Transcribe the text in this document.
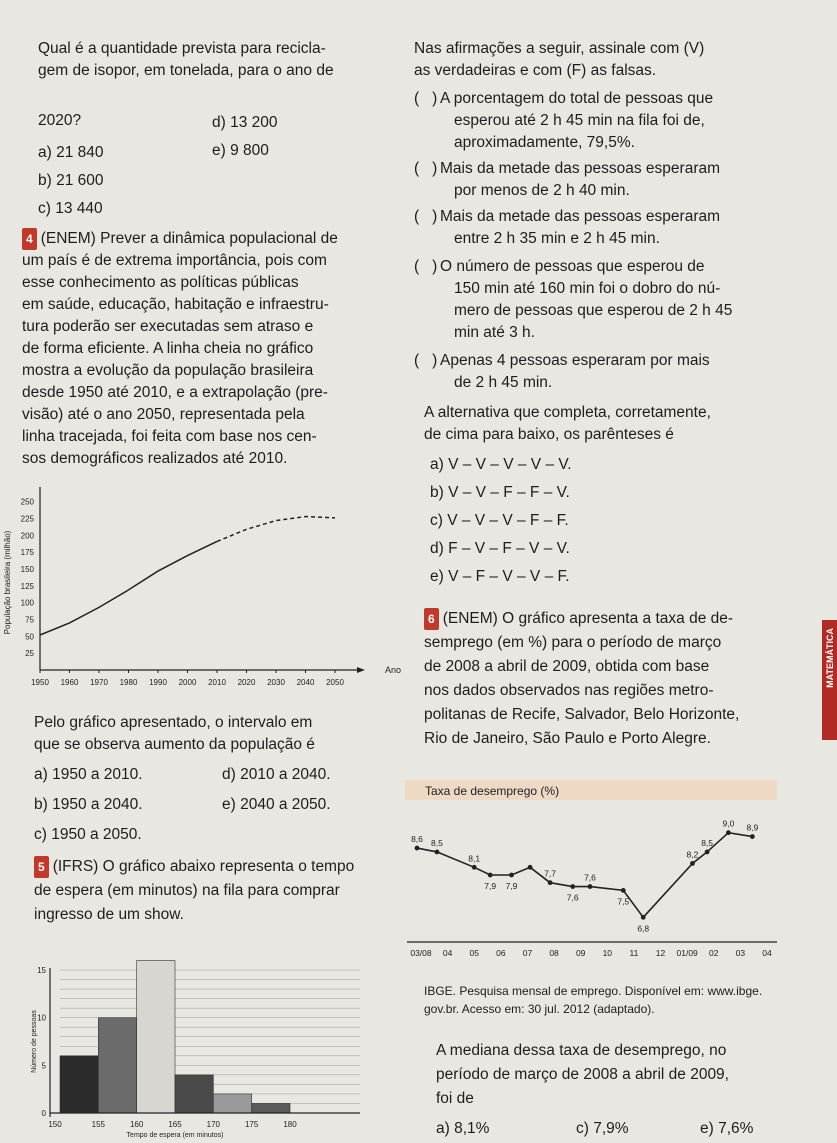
Qual é a quantidade prevista para recicla-
gem de isopor, em tonelada, para o ano de
2020?
a) 21 840
b) 21 600
c) 13 440
d) 13 200
e) 9 800
4 (ENEM) Prever a dinâmica populacional de
um país é de extrema importância, pois com
esse conhecimento as políticas públicas
em saúde, educação, habitação e infraestru-
tura poderão ser executadas sem atraso e
de forma eficiente. A linha cheia no gráfico
mostra a evolução da população brasileira
desde 1950 até 2010, e a extrapolação (pre-
visão) até o ano 2050, representada pela
linha tracejada, foi feita com base nos cen-
sos demográficos realizados até 2010.
25
50
75
100
125
150
175
200
225
250
1950 1960 1970 1980 1990 2000 2010 2020 2030 2040 2050
Ano
População brasileira (milhão)
Pelo gráfico apresentado, o intervalo em
que se observa aumento da população é
a) 1950 a 2010.	d) 2010 a 2040.
b) 1950 a 2040.	e) 2040 a 2050.
c) 1950 a 2050.
5 (IFRS) O gráfico abaixo representa o tempo
de espera (em minutos) na fila para comprar
ingresso de um show.
0
5
10
15
150	155	160	165	170	175	180
Tempo de espera (em minutos)
Número de pessoas
Nas afirmações a seguir, assinale com (V)
as verdadeiras e com (F) as falsas.
(   ) A porcentagem do total de pessoas que
esperou até 2 h 45 min na fila foi de,
aproximadamente, 79,5%.
(   ) Mais da metade das pessoas esperaram
por menos de 2 h 40 min.
(   ) Mais da metade das pessoas esperaram
entre 2 h 35 min e 2 h 45 min.
(   ) O número de pessoas que esperou de
150 min até 160 min foi o dobro do nú-
mero de pessoas que esperou de 2 h 45
min até 3 h.
(   ) Apenas 4 pessoas esperaram por mais
de 2 h 45 min.
A alternativa que completa, corretamente,
de cima para baixo, os parênteses é
a) V – V – V – V – V.
b) V – V – F – F – V.
c) V – V – V – F – F.
d) F – V – F – V – V.
e) V – F – V – V – F.
6 (ENEM) O gráfico apresenta a taxa de de-
semprego (em %) para o período de março
de 2008 a abril de 2009, obtida com base
nos dados observados nas regiões metro-
politanas de Recife, Salvador, Belo Horizonte,
Rio de Janeiro, São Paulo e Porto Alegre.
Taxa de desemprego (%)
8,6 8,5
8,1
7,9 7,9
7,7
7,6
7,6
7,5
6,8
8,2
8,5
9,0 8,9
03/08 04 05 06 07 08 09 10 11 12 01/09 02 03 04
IBGE. Pesquisa mensal de emprego. Disponível em: www.ibge.
gov.br. Acesso em: 30 jul. 2012 (adaptado).
A mediana dessa taxa de desemprego, no
período de março de 2008 a abril de 2009,
foi de
a) 8,1%	c) 7,9%	e) 7,6%
MATEMÁTICA
